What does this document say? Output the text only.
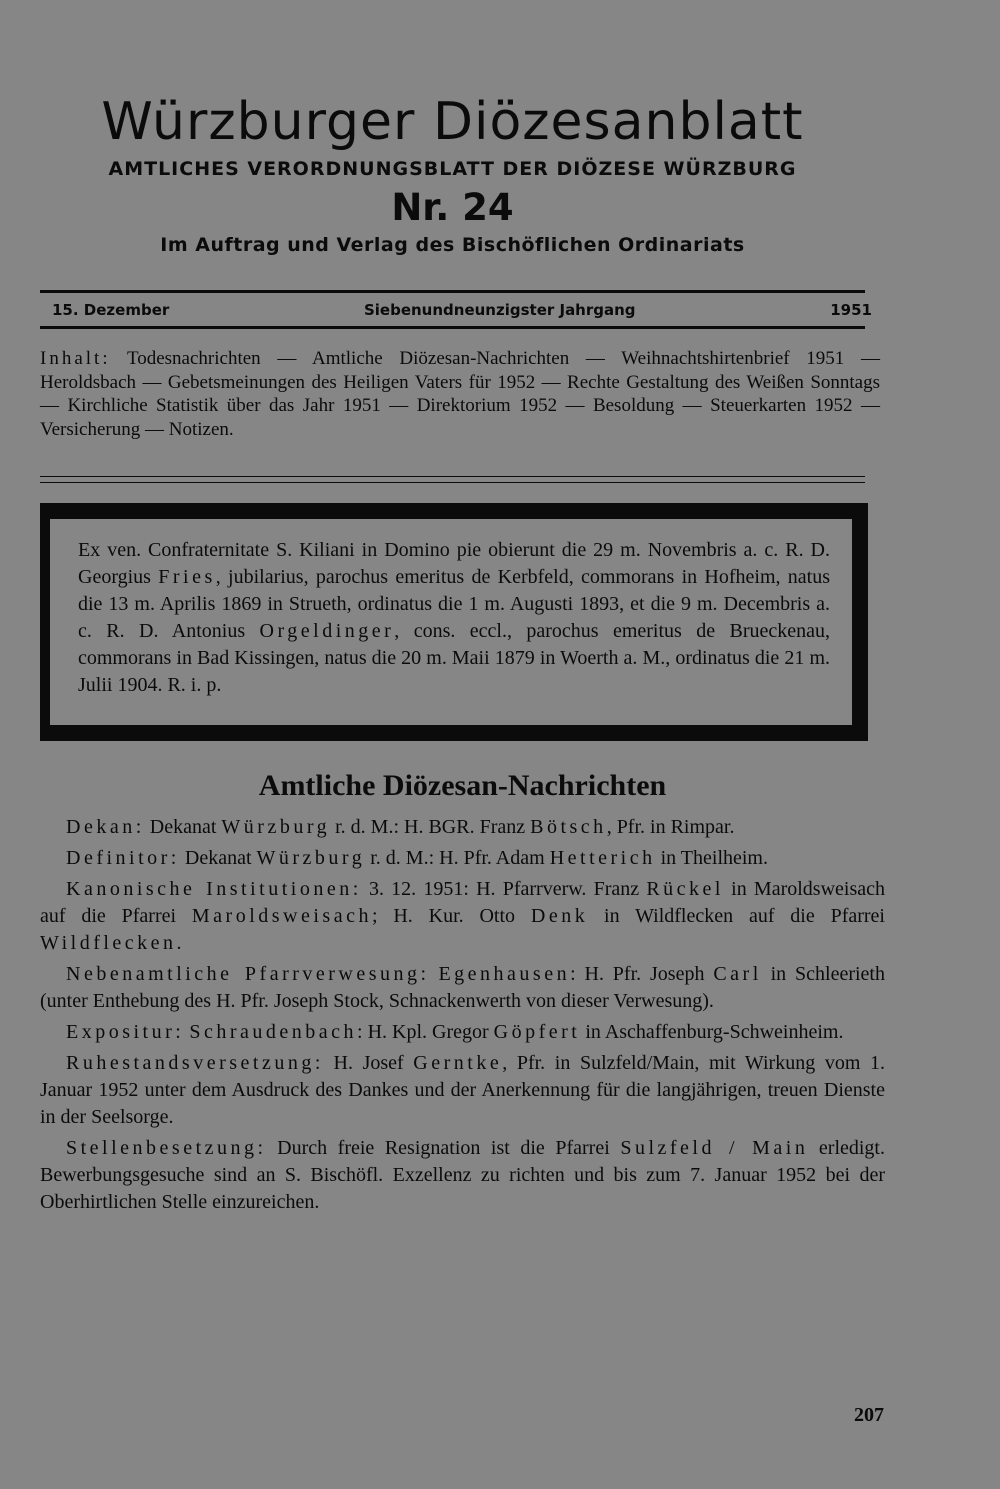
Würzburger Diözesanblatt
AMTLICHES VERORDNUNGSBLATT DER DIÖZESE WÜRZBURG
Nr. 24
Im Auftrag und Verlag des Bischöflichen Ordinariats
15. Dezember	Siebenundneunzigster Jahrgang	1951
Inhalt: Todesnachrichten — Amtliche Diözesan-Nachrichten — Weihnachtshirtenbrief 1951 — Heroldsbach — Gebetsmeinungen des Heiligen Vaters für 1952 — Rechte Gestaltung des Weißen Sonntags — Kirchliche Statistik über das Jahr 1951 — Direktorium 1952 — Besoldung — Steuerkarten 1952 — Versicherung — Notizen.
Ex ven. Confraternitate S. Kiliani in Domino pie obierunt die 29 m. Novembris a. c. R. D. Georgius Fries, jubilarius, parochus emeritus de Kerbfeld, commorans in Hofheim, natus die 13 m. Aprilis 1869 in Strueth, ordinatus die 1 m. Augusti 1893, et die 9 m. Decembris a. c. R. D. Antonius Orgeldinger, cons. eccl., parochus emeritus de Brueckenau, commorans in Bad Kissingen, natus die 20 m. Maii 1879 in Woerth a. M., ordinatus die 21 m. Julii 1904. R. i. p.
Amtliche Diözesan-Nachrichten

Dekan: Dekanat Würzburg r. d. M.: H. BGR. Franz Bötsch, Pfr. in Rimpar.

Definitor: Dekanat Würzburg r. d. M.: H. Pfr. Adam Hetterich in Theilheim.

Kanonische Institutionen: 3. 12. 1951: H. Pfarrverw. Franz Rückel in Maroldsweisach auf die Pfarrei Maroldsweisach; H. Kur. Otto Denk in Wildflecken auf die Pfarrei Wildflecken.

Nebenamtliche Pfarrverwesung: Egenhausen: H. Pfr. Joseph Carl in Schleerieth (unter Enthebung des H. Pfr. Joseph Stock, Schnackenwerth von dieser Verwesung).

Expositur: Schraudenbach: H. Kpl. Gregor Göpfert in Aschaffenburg-Schweinheim.

Ruhestandsversetzung: H. Josef Gerntke, Pfr. in Sulzfeld/Main, mit Wirkung vom 1. Januar 1952 unter dem Ausdruck des Dankes und der Anerkennung für die langjährigen, treuen Dienste in der Seelsorge.

Stellenbesetzung: Durch freie Resignation ist die Pfarrei Sulzfeld / Main erledigt. Bewerbungsgesuche sind an S. Bischöfl. Exzellenz zu richten und bis zum 7. Januar 1952 bei der Oberhirtlichen Stelle einzureichen.

207
